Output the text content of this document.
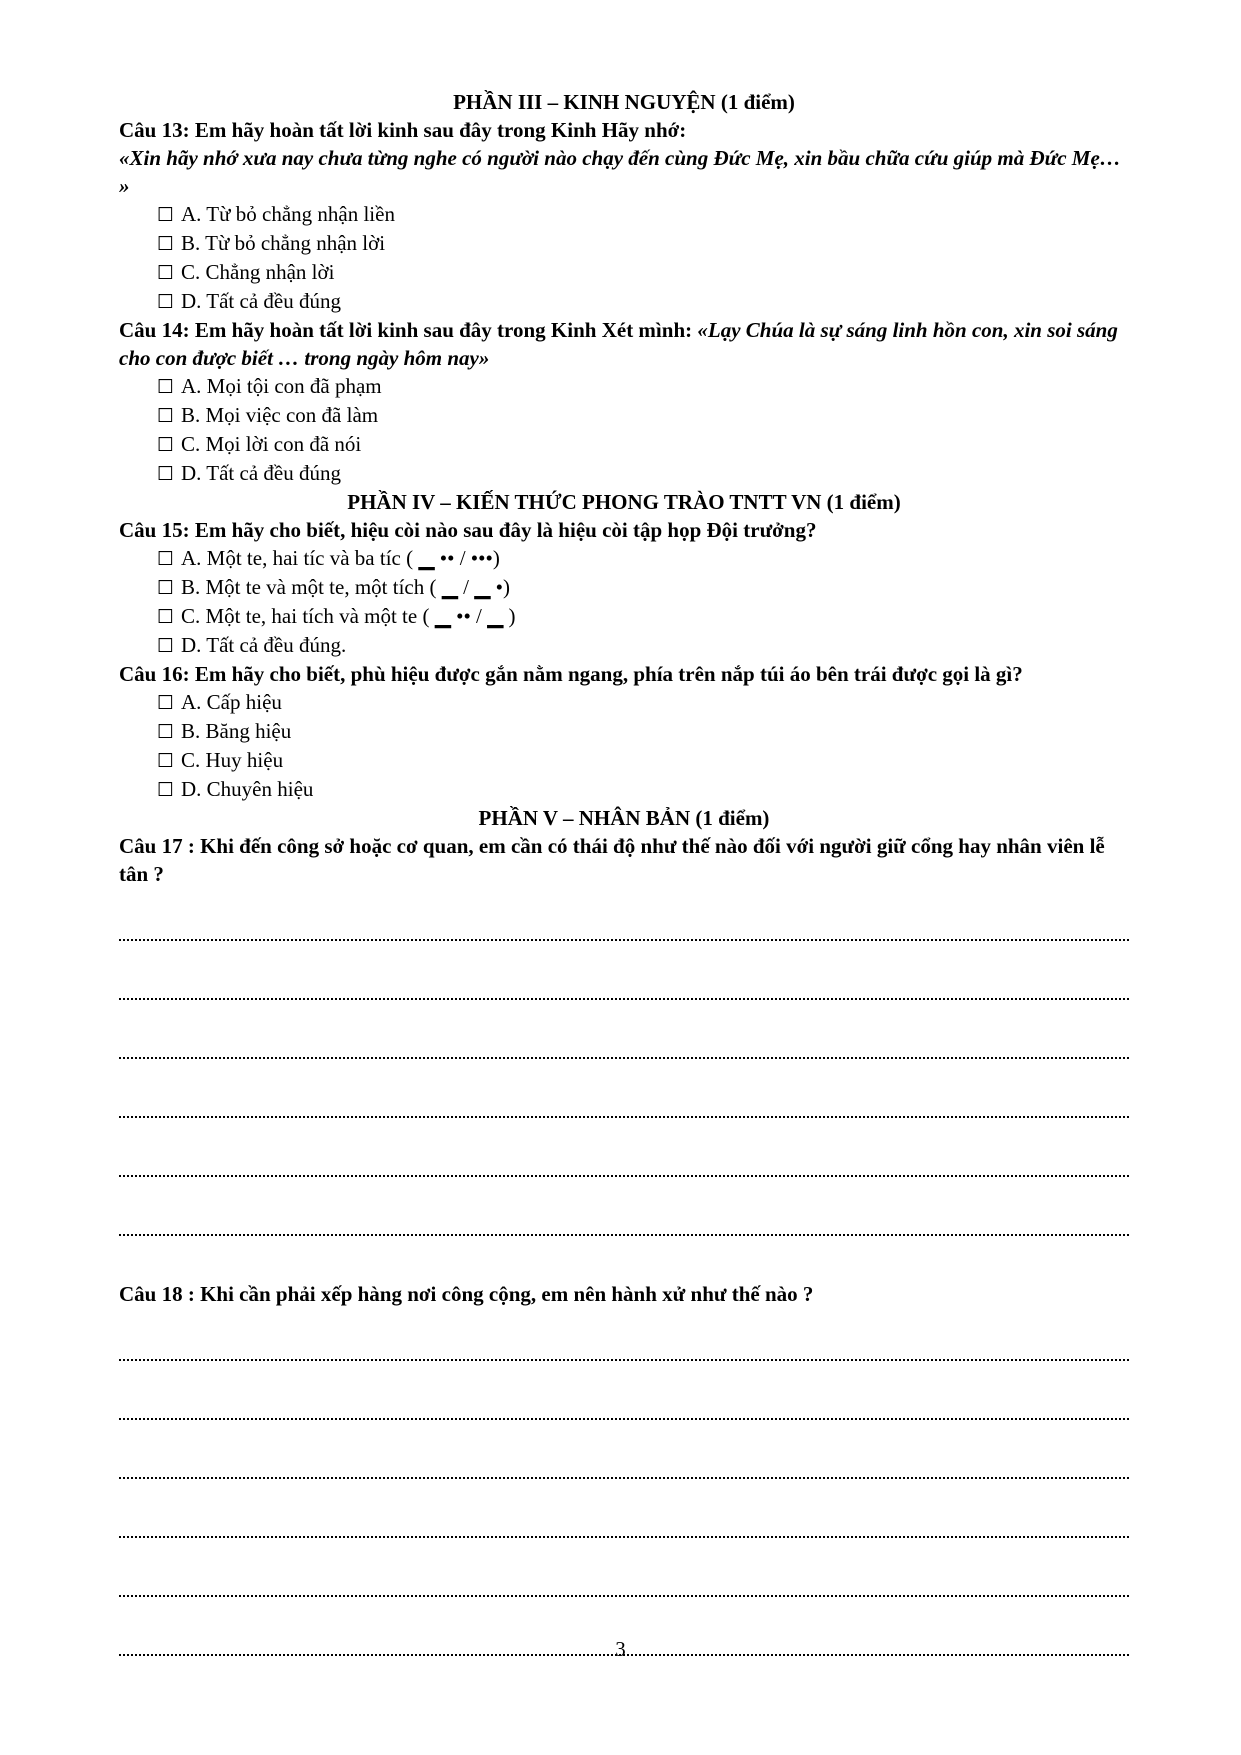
PHẦN III – KINH NGUYỆN (1 điểm)
Câu 13: Em hãy hoàn tất lời kinh sau đây trong Kinh Hãy nhớ:
«Xin hãy nhớ xưa nay chưa từng nghe có người nào chạy đến cùng Đức Mẹ, xin bầu chữa cứu giúp mà Đức Mẹ… »
☐ A. Từ bỏ chẳng nhận liền
☐ B. Từ bỏ chẳng nhận lời
☐ C. Chẳng nhận lời
☐ D. Tất cả đều đúng
Câu 14: Em hãy hoàn tất lời kinh sau đây trong Kinh Xét mình: «Lạy Chúa là sự sáng linh hồn con, xin soi sáng cho con được biết … trong ngày hôm nay»
☐ A. Mọi tội con đã phạm
☐ B. Mọi việc con đã làm
☐ C. Mọi lời con đã nói
☐ D. Tất cả đều đúng
PHẦN IV – KIẾN THỨC PHONG TRÀO TNTT VN (1 điểm)
Câu 15: Em hãy cho biết, hiệu còi nào sau đây là hiệu còi tập họp Đội trưởng?
☐ A. Một te, hai tíc và ba tíc ( ▁ •• / •••)
☐ B. Một te và một te, một tích ( ▁ / ▁ •)
☐ C. Một te, hai tích và một te ( ▁ •• / ▁ )
☐ D. Tất cả đều đúng.
Câu 16: Em hãy cho biết, phù hiệu được gắn nằm ngang, phía trên nắp túi áo bên trái được gọi là gì?
☐ A. Cấp hiệu
☐ B. Băng hiệu
☐ C. Huy hiệu
☐ D. Chuyên hiệu
PHẦN V – NHÂN BẢN (1 điểm)
Câu 17 : Khi đến công sở hoặc cơ quan, em cần có thái độ như thế nào đối với người giữ cổng hay nhân viên lễ tân ?
Câu 18 : Khi cần phải xếp hàng nơi công cộng, em nên hành xử như thế nào ?
3
